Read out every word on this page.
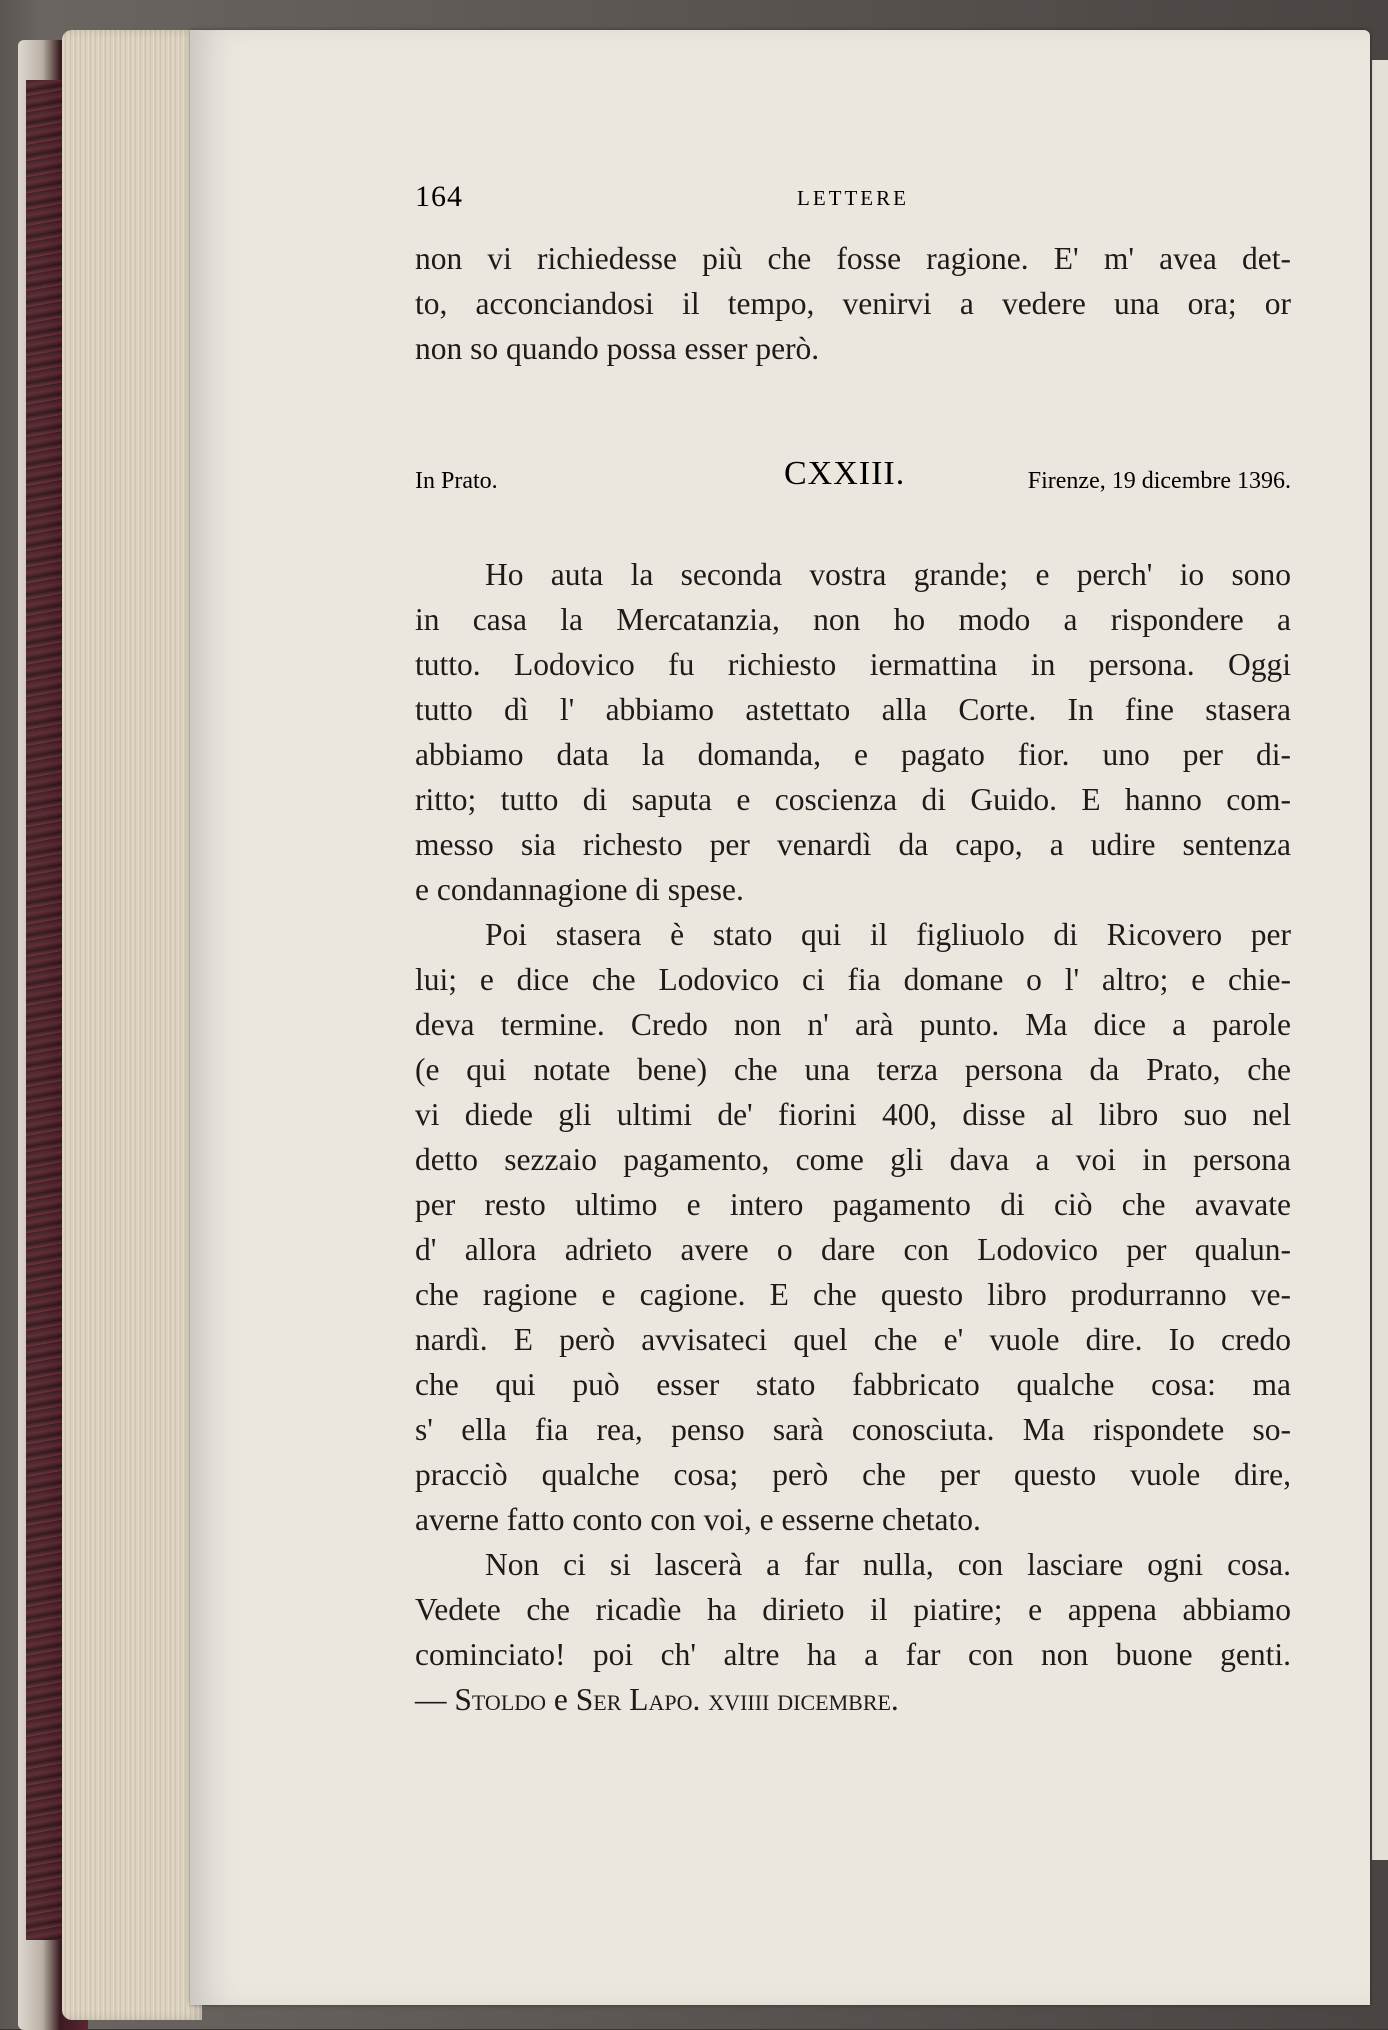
164	LETTERE
non vi richiedesse più che fosse ragione. E' m' avea det-
to, acconciandosi il tempo, venirvi a vedere una ora; or
non so quando possa esser però.
In Prato.	CXXIII.	Firenze, 19 dicembre 1396.
Ho auta la seconda vostra grande; e perch' io sono
in casa la Mercatanzia, non ho modo a rispondere a
tutto. Lodovico fu richiesto iermattina in persona. Oggi
tutto dì l' abbiamo astettato alla Corte. In fine stasera
abbiamo data la domanda, e pagato fior. uno per di-
ritto; tutto di saputa e coscienza di Guido. E hanno com-
messo sia richesto per venardì da capo, a udire sentenza
e condannagione di spese.
Poi stasera è stato qui il figliuolo di Ricovero per
lui; e dice che Lodovico ci fia domane o l' altro; e chie-
deva termine. Credo non n' arà punto. Ma dice a parole
(e qui notate bene) che una terza persona da Prato, che
vi diede gli ultimi de' fiorini 400, disse al libro suo nel
detto sezzaio pagamento, come gli dava a voi in persona
per resto ultimo e intero pagamento di ciò che avavate
d' allora adrieto avere o dare con Lodovico per qualun-
che ragione e cagione. E che questo libro produrranno ve-
nardì. E però avvisateci quel che e' vuole dire. Io credo
che qui può esser stato fabbricato qualche cosa: ma
s' ella fia rea, penso sarà conosciuta. Ma rispondete so-
pracciò qualche cosa; però che per questo vuole dire,
averne fatto conto con voi, e esserne chetato.
Non ci si lascerà a far nulla, con lasciare ogni cosa.
Vedete che ricadìe ha dirieto il piatire; e appena abbiamo
cominciato! poi ch' altre ha a far con non buone genti.
— Stoldo e Ser Lapo. xviiii dicembre.
